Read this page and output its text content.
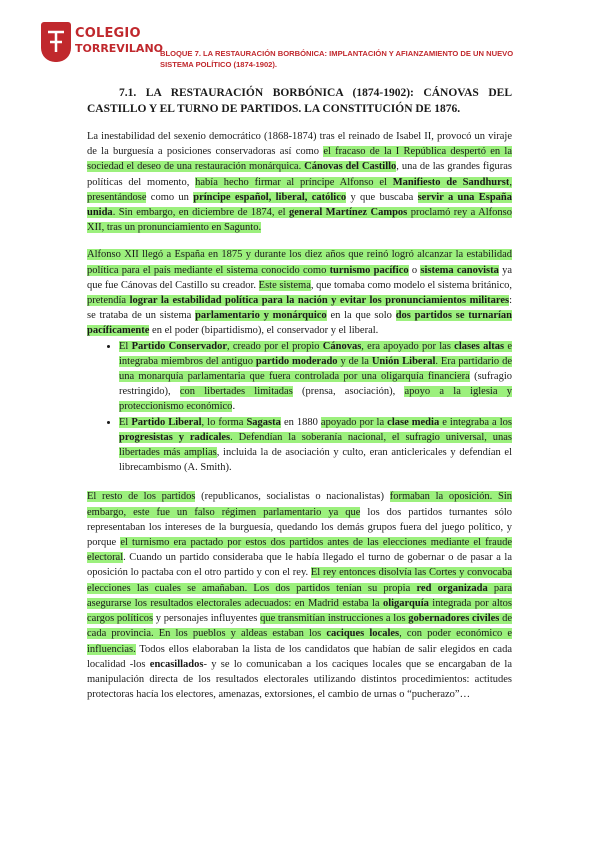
COLEGIO
TORREVILANO
BLOQUE 7. LA RESTAURACIÓN BORBÓNICA: IMPLANTACIÓN Y AFIANZAMIENTO DE UN NUEVO SISTEMA POLÍTICO (1874-1902).
7.1. LA RESTAURACIÓN BORBÓNICA (1874-1902): CÁNOVAS DEL CASTILLO Y EL TURNO DE PARTIDOS. LA CONSTITUCIÓN DE 1876.

La inestabilidad del sexenio democrático (1868-1874) tras el reinado de Isabel II, provocó un viraje de la burguesía a posiciones conservadoras así como el fracaso de la I República despertó en la sociedad el deseo de una restauración monárquica. Cánovas del Castillo, una de las grandes figuras políticas del momento, había hecho firmar al príncipe Alfonso el Manifiesto de Sandhurst, presentándose como un príncipe español, liberal, católico y que buscaba servir a una España unida. Sin embargo, en diciembre de 1874, el general Martínez Campos proclamó rey a Alfonso XII, tras un pronunciamiento en Sagunto.

Alfonso XII llegó a España en 1875 y durante los diez años que reinó logró alcanzar la estabilidad política para el país mediante el sistema conocido como turnismo pacífico o sistema canovista ya que fue Cánovas del Castillo su creador. Este sistema, que tomaba como modelo el sistema británico, pretendía lograr la estabilidad política para la nación y evitar los pronunciamientos militares: se trataba de un sistema parlamentario y monárquico en la que solo dos partidos se turnarían pacíficamente en el poder (bipartidismo), el conservador y el liberal.

• El Partido Conservador, creado por el propio Cánovas, era apoyado por las clases altas e integraba miembros del antiguo partido moderado y de la Unión Liberal. Era partidario de una monarquía parlamentaria que fuera controlada por una oligarquía financiera (sufragio restringido), con libertades limitadas (prensa, asociación), apoyo a la iglesia y proteccionismo económico.
• El Partido Liberal, lo forma Sagasta en 1880 apoyado por la clase media e integraba a los progresistas y radicales. Defendían la soberanía nacional, el sufragio universal, unas libertades más amplias, incluida la de asociación y culto, eran anticlericales y defendían el librecambismo (A. Smith).

El resto de los partidos (republicanos, socialistas o nacionalistas) formaban la oposición. Sin embargo, este fue un falso régimen parlamentario ya que los dos partidos turnantes sólo representaban los intereses de la burguesía, quedando los demás grupos fuera del juego político, y porque el turnismo era pactado por estos dos partidos antes de las elecciones mediante el fraude electoral. Cuando un partido consideraba que le había llegado el turno de gobernar o de pasar a la oposición lo pactaba con el otro partido y con el rey. El rey entonces disolvía las Cortes y convocaba elecciones las cuales se amañaban. Los dos partidos tenían su propia red organizada para asegurarse los resultados electorales adecuados: en Madrid estaba la oligarquía integrada por altos cargos políticos y personajes influyentes que transmitían instrucciones a los gobernadores civiles de cada provincia. En los pueblos y aldeas estaban los caciques locales, con poder económico e influencias. Todos ellos elaboraban la lista de los candidatos que habían de salir elegidos en cada localidad -los encasillados- y se lo comunicaban a los caciques locales que se encargaban de la manipulación directa de los resultados electorales utilizando distintos procedimientos: actitudes protectoras hacía los electores, amenazas, extorsiones, el cambio de urnas o “pucherazo”…
